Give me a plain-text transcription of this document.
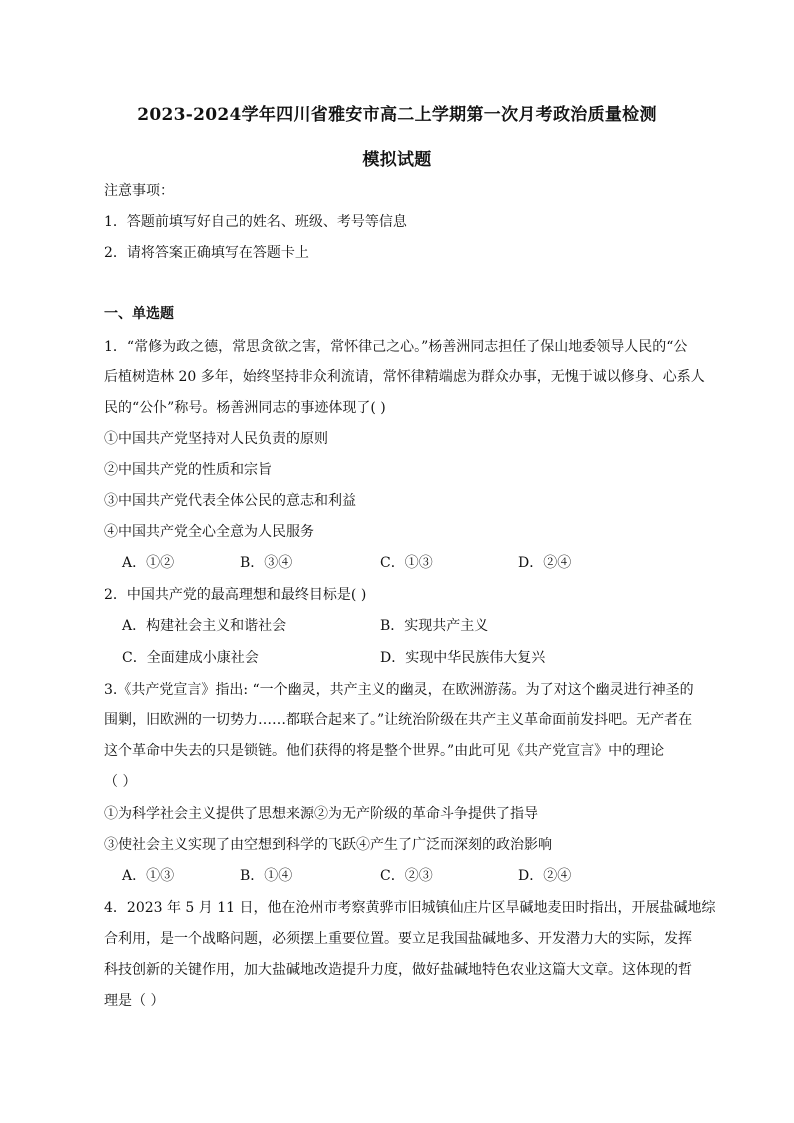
2023-2024学年四川省雅安市高二上学期第一次月考政治质量检测
模拟试题
注意事项：
1．答题前填写好自己的姓名、班级、考号等信息
2．请将答案正确填写在答题卡上
一、单选题
1．“常修为政之德，常思贪欲之害，常怀律己之心。”杨善洲同志担任了保山地委领导人民的“公
后植树造林 20 多年，始终坚持非众利流请，常怀律精端虑为群众办事，无愧于诚以修身、心系人
民的“公仆”称号。杨善洲同志的事迹体现了( )
①中国共产党坚持对人民负责的原则
②中国共产党的性质和宗旨
③中国共产党代表全体公民的意志和利益
④中国共产党全心全意为人民服务
A．①②	B．③④	C．①③	D．②④
2．中国共产党的最高理想和最终目标是( )
A．构建社会主义和谐社会	B．实现共产主义
C．全面建成小康社会	D．实现中华民族伟大复兴
3.《共产党宣言》指出: “一个幽灵，共产主义的幽灵，在欧洲游荡。为了对这个幽灵进行神圣的
围剿，旧欧洲的一切势力……都联合起来了。”让统治阶级在共产主义革命面前发抖吧。无产者在
这个革命中失去的只是锁链。他们获得的将是整个世界。”由此可见《共产党宣言》中的理论
（ ）
①为科学社会主义提供了思想来源②为无产阶级的革命斗争提供了指导
③使社会主义实现了由空想到科学的飞跃④产生了广泛而深刻的政治影响
A．①③	B．①④	C．②③	D．②④
4．2023 年 5 月 11 日，他在沧州市考察黄骅市旧城镇仙庄片区旱碱地麦田时指出，开展盐碱地综
合利用，是一个战略问题，必须摆上重要位置。要立足我国盐碱地多、开发潜力大的实际，发挥
科技创新的关键作用，加大盐碱地改造提升力度，做好盐碱地特色农业这篇大文章。这体现的哲
理是（ ）
